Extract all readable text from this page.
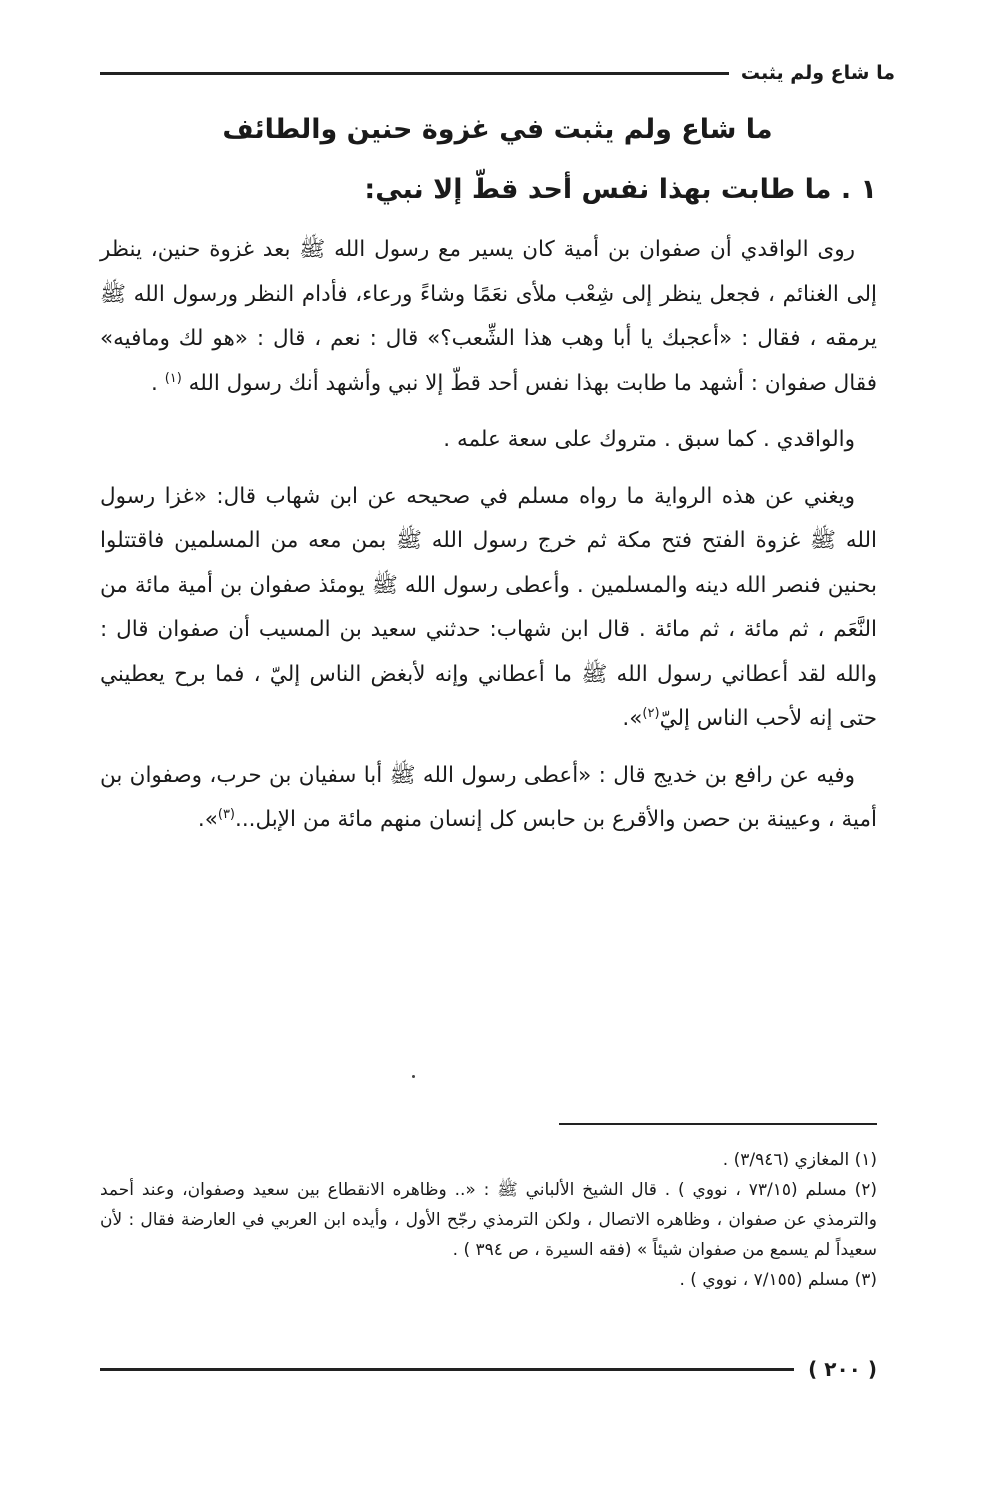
ما شاع ولم يثبت
ما شاع ولم يثبت في غزوة حنين والطائف
١ . ما طابت بهذا نفس أحد قطّ إلا نبي:

روى الواقدي أن صفوان بن أمية كان يسير مع رسول الله ﷺ بعد غزوة حنين، ينظر إلى الغنائم ، فجعل ينظر إلى شِعْب ملأى نعَمًا وشاءً ورعاء، فأدام النظر ورسول الله ﷺ يرمقه ، فقال : «أعجبك يا أبا وهب هذا الشِّعب؟» قال : نعم ، قال : «هو لك ومافيه» فقال صفوان : أشهد ما طابت بهذا نفس أحد قطّ إلا نبي وأشهد أنك رسول الله $^{(١)}$ .

والواقدي . كما سبق . متروك على سعة علمه .

ويغني عن هذه الرواية ما رواه مسلم في صحيحه عن ابن شهاب قال: «غزا رسول الله ﷺ غزوة الفتح فتح مكة ثم خرج رسول الله ﷺ بمن معه من المسلمين فاقتتلوا بحنين فنصر الله دينه والمسلمين . وأعطى رسول الله ﷺ يومئذ صفوان بن أمية مائة من النَّعَم ، ثم مائة ، ثم مائة . قال ابن شهاب: حدثني سعيد بن المسيب أن صفوان قال : والله لقد أعطاني رسول الله ﷺ ما أعطاني وإنه لأبغض الناس إليّ ، فما برح يعطيني حتى إنه لأحب الناس إليّ$^{(٢)}$».

وفيه عن رافع بن خديج قال : «أعطى رسول الله ﷺ أبا سفيان بن حرب، وصفوان بن أمية ، وعيينة بن حصن والأقرع بن حابس كل إنسان منهم مائة من الإبل...$^{(٣)}$».

(١) المغازي (٣/٩٤٦) .

(٢) مسلم (٧٣/١٥ ، نووي ) . قال الشيخ الألباني ﷺ : «.. وظاهره الانقطاع بين سعيد وصفوان، وعند أحمد والترمذي عن صفوان ، وظاهره الاتصال ، ولكن الترمذي رجّح الأول ، وأيده ابن العربي في العارضة فقال : لأن سعيداً لم يسمع من صفوان شيئاً » (فقه السيرة ، ص ٣٩٤ ) .

(٣) مسلم (٧/١٥٥ ، نووي ) .

( ٢٠٠ )
